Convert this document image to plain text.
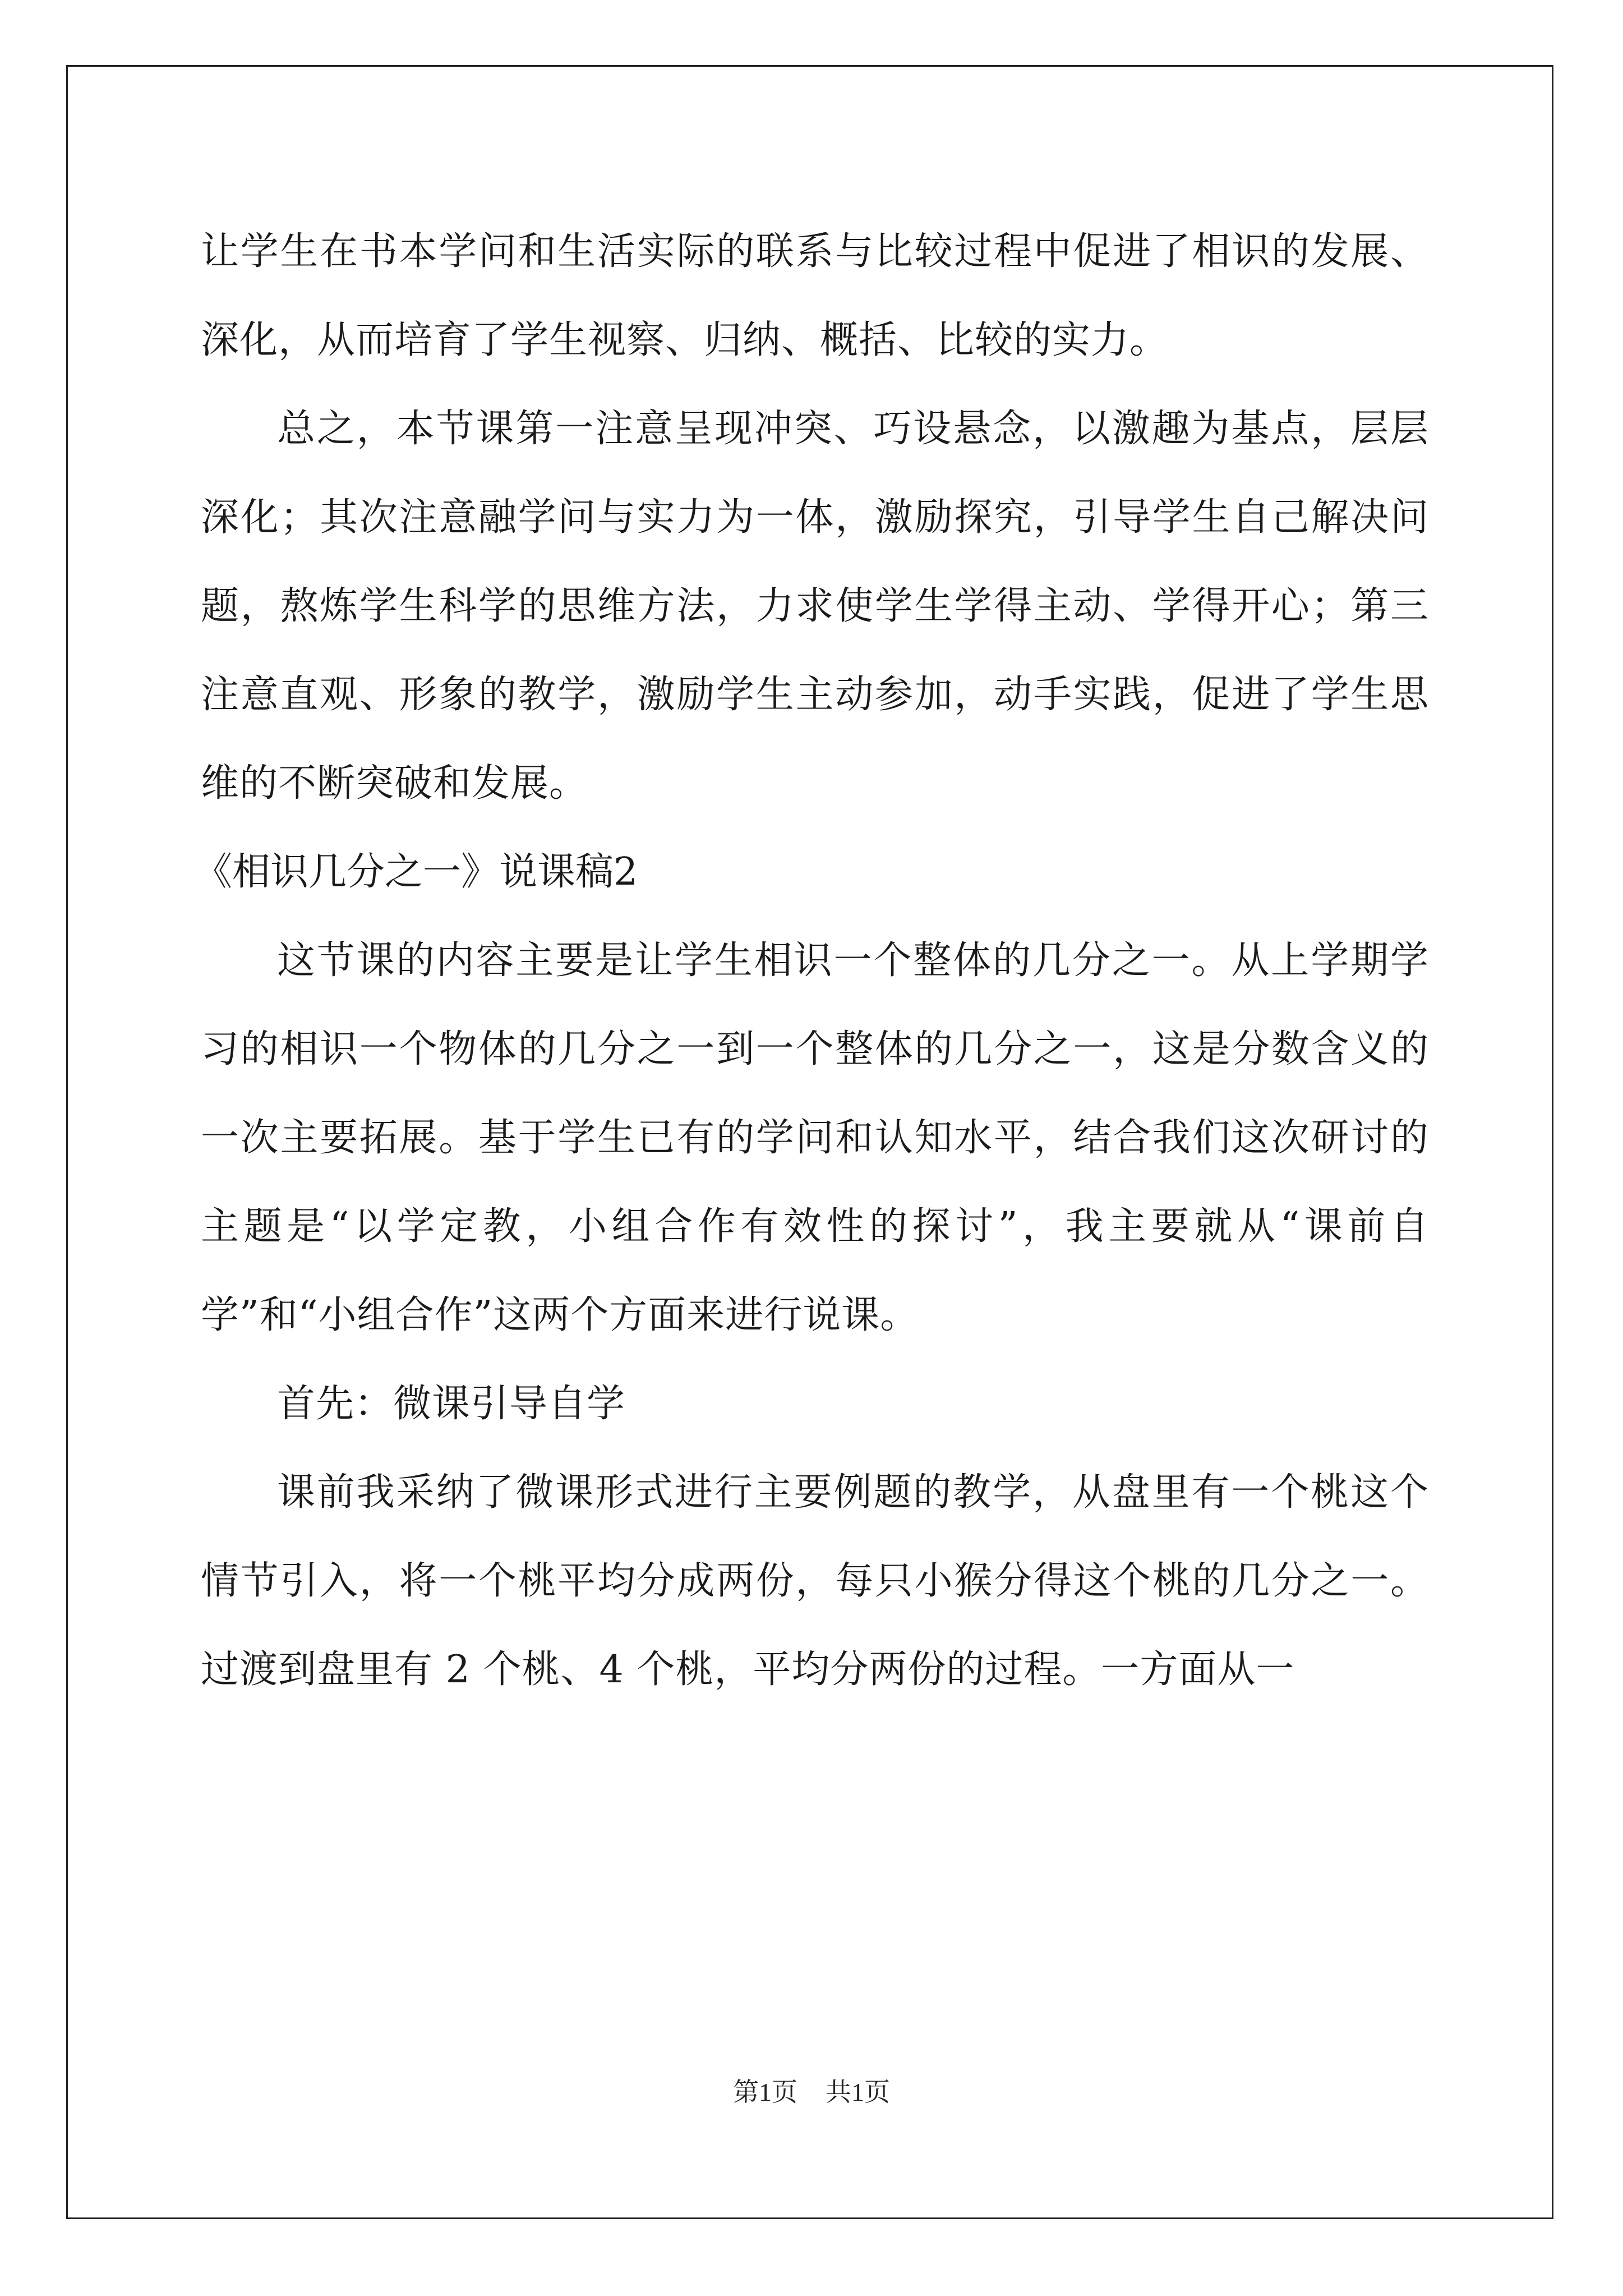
让学生在书本学问和生活实际的联系与比较过程中促进了相识的发展、深化，从而培育了学生视察、归纳、概括、比较的实力。

总之，本节课第一注意呈现冲突、巧设悬念，以激趣为基点，层层深化；其次注意融学问与实力为一体，激励探究，引导学生自己解决问题，熬炼学生科学的思维方法，力求使学生学得主动、学得开心；第三注意直观、形象的教学，激励学生主动参加，动手实践，促进了学生思维的不断突破和发展。

《相识几分之一》说课稿2

这节课的内容主要是让学生相识一个整体的几分之一。从上学期学习的相识一个物体的几分之一到一个整体的几分之一，这是分数含义的一次主要拓展。基于学生已有的学问和认知水平，结合我们这次研讨的主题是“以学定教，小组合作有效性的探讨”，我主要就从“课前自学”和“小组合作”这两个方面来进行说课。

首先：微课引导自学

课前我采纳了微课形式进行主要例题的教学，从盘里有一个桃这个情节引入，将一个桃平均分成两份，每只小猴分得这个桃的几分之一。过渡到盘里有 2 个桃、4 个桃，平均分两份的过程。一方面从一

第1页 共1页
